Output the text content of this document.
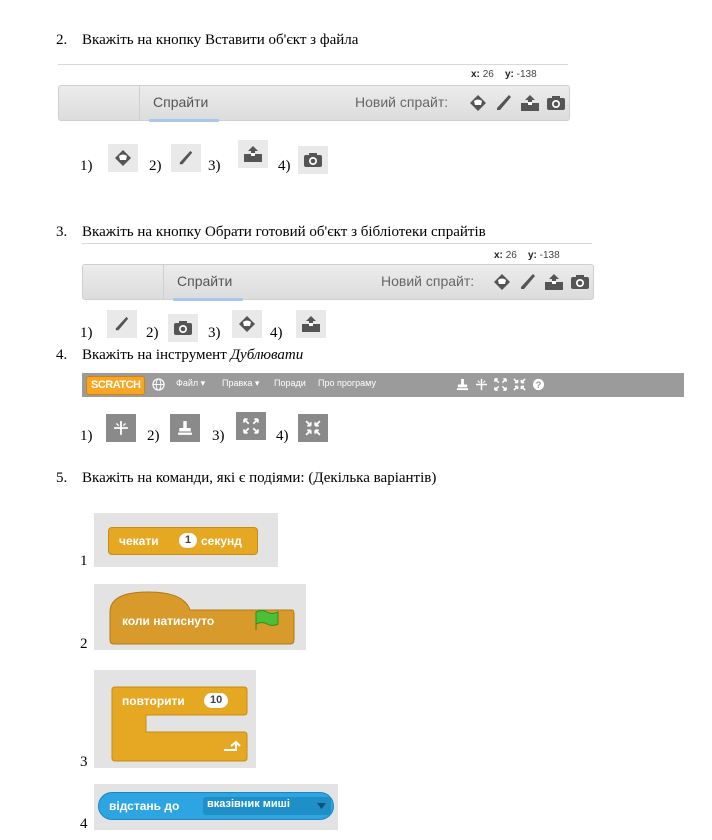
2. Вкажіть на кнопку Вставити об'єкт з файла
x: 26 y: -138
Спрайти	Новий спрайт:
1)	2)	3)	4)
3. Вкажіть на кнопку Обрати готовий об'єкт з бібліотеки спрайтів
x: 26 y: -138
Спрайти	Новий спрайт:
1)	2)	3)	4)
4. Вкажіть на інструмент Дублювати
SCRATCH	Файл ▾ Правка ▾ Поради Про програму	?
1)	2)	3)	4)
5. Вкажіть на команди, які є подіями: (Декілька варіантів)
1
чекати	1 секунд
2
коли натиснуто
3
повторити	10
4
відстань до	вказівник миші
